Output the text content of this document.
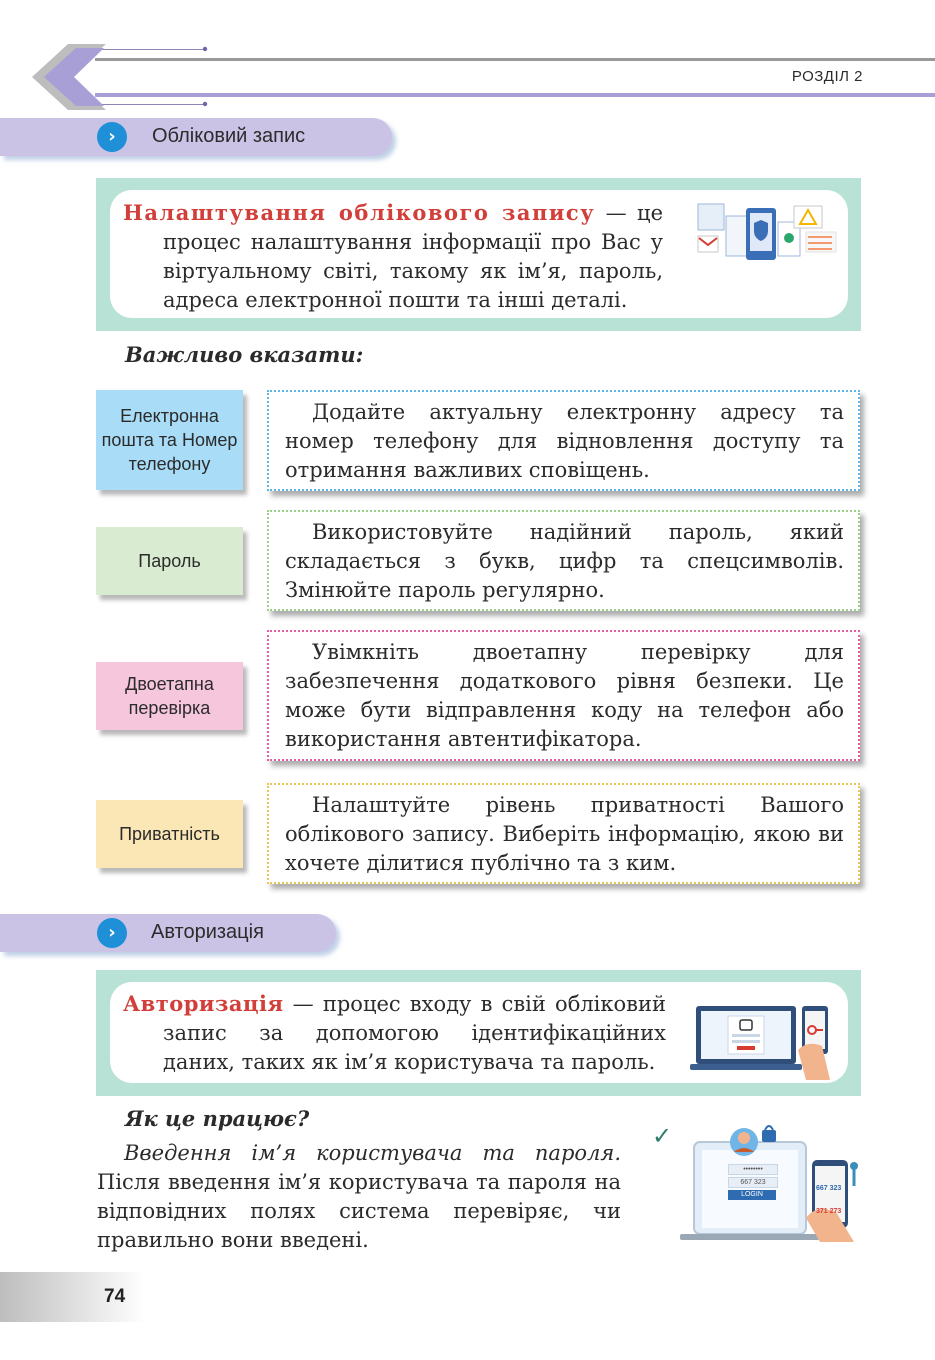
РОЗДІЛ 2
›	Обліковий запис
Налаштування облікового запису — це процес налаштування інформації про Вас у віртуальному світі, такому як ім’я, пароль, адреса електронної пошти та інші деталі.
Важливо вказати:
Електронна пошта та Номер телефону
Додайте актуальну електронну адресу та номер телефону для відновлення доступу та отримання важливих сповіщень.
Пароль
Використовуйте надійний пароль, який складається з букв, цифр та спецсимволів. Змінюйте пароль регулярно.
Двоетапна перевірка
Увімкніть двоетапну перевірку для забезпечення додаткового рівня безпеки. Це може бути відправлення коду на телефон або використання автентифікатора.
Приватність
Налаштуйте рівень приватності Вашого облікового запису. Виберіть інформацію, якою ви хочете ділитися публічно та з ким.
›	Авторизація
Авторизація — процес входу в свій обліковий запис за допомогою ідентифікаційних даних, таких як ім’я користувача та пароль.
Як це працює?
Введення ім’я користувача та пароля. Після введення ім’я користувача та пароля на відповідних полях система перевіряє, чи правильно вони введені.
✓
••••••••
667 323
LOGIN
667 323
371 273
74
